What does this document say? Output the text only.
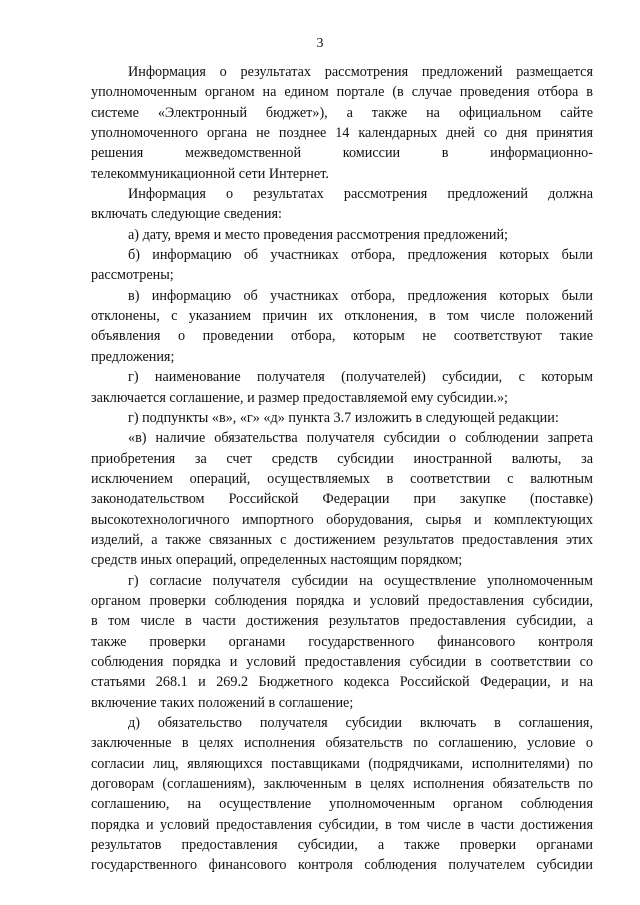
3
Информация о результатах рассмотрения предложений размещается
уполномоченным органом на едином портале (в случае проведения отбора в
системе «Электронный бюджет»), а также на официальном сайте
уполномоченного органа не позднее 14 календарных дней со дня принятия
решения межведомственной комиссии в информационно-
телекоммуникационной сети Интернет.
Информация о результатах рассмотрения предложений должна
включать следующие сведения:
а) дату, время и место проведения рассмотрения предложений;
б) информацию об участниках отбора, предложения которых были
рассмотрены;
в) информацию об участниках отбора, предложения которых были
отклонены, с указанием причин их отклонения, в том числе положений
объявления о проведении отбора, которым не соответствуют такие
предложения;
г) наименование получателя (получателей) субсидии, с которым
заключается соглашение, и размер предоставляемой ему субсидии.»;
г) подпункты «в», «г» «д» пункта 3.7 изложить в следующей редакции:
«в) наличие обязательства получателя субсидии о соблюдении запрета
приобретения за счет средств субсидии иностранной валюты, за
исключением операций, осуществляемых в соответствии с валютным
законодательством Российской Федерации при закупке (поставке)
высокотехнологичного импортного оборудования, сырья и комплектующих
изделий, а также связанных с достижением результатов предоставления этих
средств иных операций, определенных настоящим порядком;
г) согласие получателя субсидии на осуществление уполномоченным
органом проверки соблюдения порядка и условий предоставления субсидии,
в том числе в части достижения результатов предоставления субсидии, а
также проверки органами государственного финансового контроля
соблюдения порядка и условий предоставления субсидии в соответствии со
статьями 268.1 и 269.2 Бюджетного кодекса Российской Федерации, и на
включение таких положений в соглашение;
д) обязательство получателя субсидии включать в соглашения,
заключенные в целях исполнения обязательств по соглашению, условие о
согласии лиц, являющихся поставщиками (подрядчиками, исполнителями) по
договорам (соглашениям), заключенным в целях исполнения обязательств по
соглашению, на осуществление уполномоченным органом соблюдения
порядка и условий предоставления субсидии, в том числе в части достижения
результатов предоставления субсидии, а также проверки органами
государственного финансового контроля соблюдения получателем субсидии
